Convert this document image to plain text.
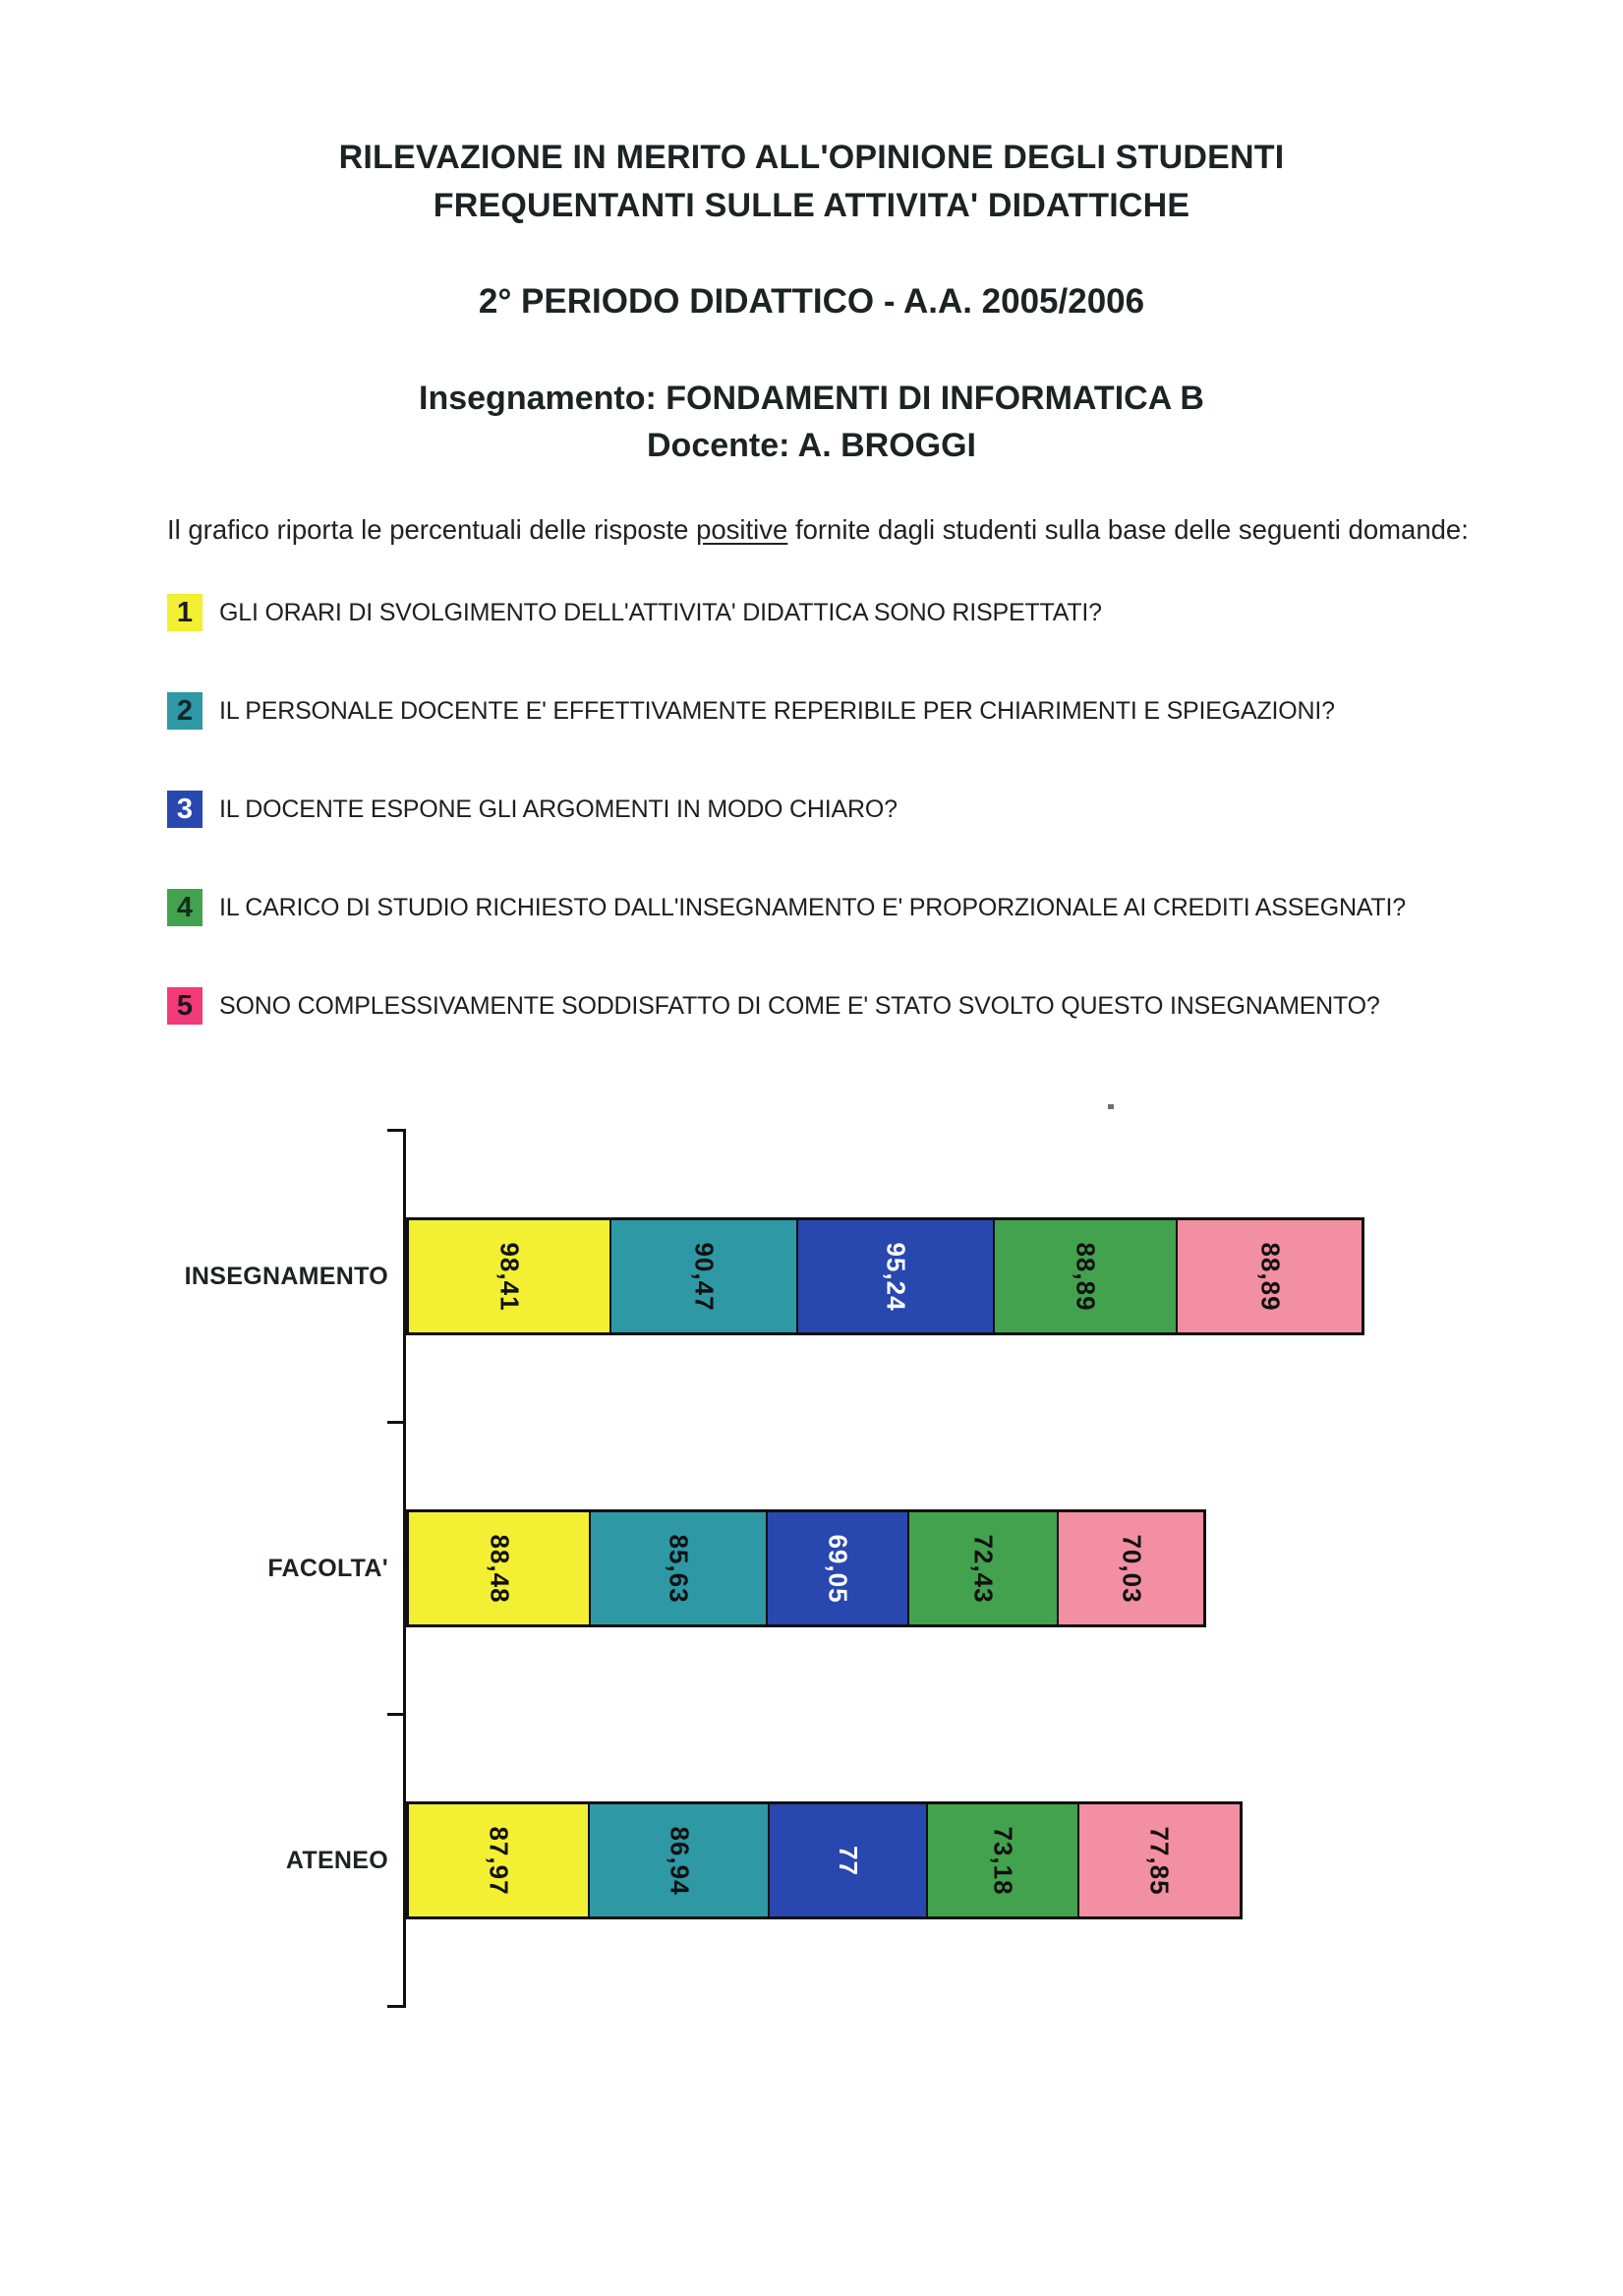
RILEVAZIONE IN MERITO ALL'OPINIONE DEGLI STUDENTI
FREQUENTANTI SULLE ATTIVITA' DIDATTICHE
2° PERIODO DIDATTICO - A.A. 2005/2006
Insegnamento: FONDAMENTI DI INFORMATICA B
Docente: A. BROGGI

Il grafico riporta le percentuali delle risposte positive fornite dagli studenti sulla base delle seguenti domande:

1	GLI ORARI DI SVOLGIMENTO DELL'ATTIVITA' DIDATTICA SONO RISPETTATI?
2	IL PERSONALE DOCENTE E' EFFETTIVAMENTE REPERIBILE PER CHIARIMENTI E SPIEGAZIONI?
3	IL DOCENTE ESPONE GLI ARGOMENTI IN MODO CHIARO?
4	IL CARICO DI STUDIO RICHIESTO DALL'INSEGNAMENTO E' PROPORZIONALE AI CREDITI ASSEGNATI?
5	SONO COMPLESSIVAMENTE SODDISFATTO DI COME E' STATO SVOLTO QUESTO INSEGNAMENTO?
INSEGNAMENTO	98,41	90,47	95,24	88,89	88,89
FACOLTA'	88,48	85,63	69,05	72,43	70,03
ATENEO	87,97	86,94	77	73,18	77,85
